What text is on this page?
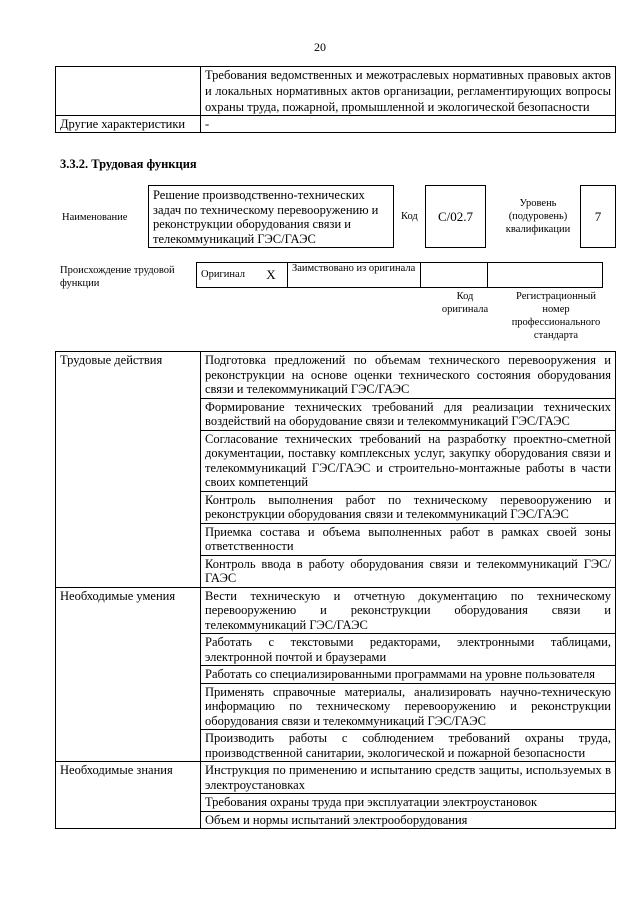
20
	Требования ведомственных и межотраслевых нормативных правовых актов и локальных нормативных актов организации, регламентирующих вопросы охраны труда, пожарной, промышленной и экологической безопасности
Другие характеристики	-
3.3.2. Трудовая функция
Наименование
Решение производственно-технических задач по техническому перевооружению и реконструкции оборудования связи и телекоммуникаций ГЭС/ГАЭС
Код	С/02.7
Уровень (подуровень) квалификации
7
Происхождение трудовой функции
Оригинал	X	Заимствовано из оригинала		
Код оригинала
Регистрационный номер профессионального стандарта
Трудовые действия	Подготовка предложений по объемам технического перевооружения и реконструкции на основе оценки технического состояния оборудования связи и телекоммуникаций ГЭС/ГАЭС
	Формирование технических требований для реализации технических воздействий на оборудование связи и телекоммуникаций ГЭС/ГАЭС
	Согласование технических требований на разработку проектно-сметной документации, поставку комплексных услуг, закупку оборудования связи и телекоммуникаций ГЭС/ГАЭС и строительно-монтажные работы в части своих компетенций
	Контроль выполнения работ по техническому перевооружению и реконструкции оборудования связи и телекоммуникаций ГЭС/ГАЭС
	Приемка состава и объема выполненных работ в рамках своей зоны ответственности
	Контроль ввода в работу оборудования связи и телекоммуникаций ГЭС/ГАЭС
Необходимые умения	Вести техническую и отчетную документацию по техническому перевооружению и реконструкции оборудования связи и телекоммуникаций ГЭС/ГАЭС
	Работать с текстовыми редакторами, электронными таблицами, электронной почтой и браузерами
	Работать со специализированными программами на уровне пользователя
	Применять справочные материалы, анализировать научно-техническую информацию по техническому перевооружению и реконструкции оборудования связи и телекоммуникаций ГЭС/ГАЭС
	Производить работы с соблюдением требований охраны труда, производственной санитарии, экологической и пожарной безопасности
Необходимые знания	Инструкция по применению и испытанию средств защиты, используемых в электроустановках
	Требования охраны труда при эксплуатации электроустановок
	Объем и нормы испытаний электрооборудования
